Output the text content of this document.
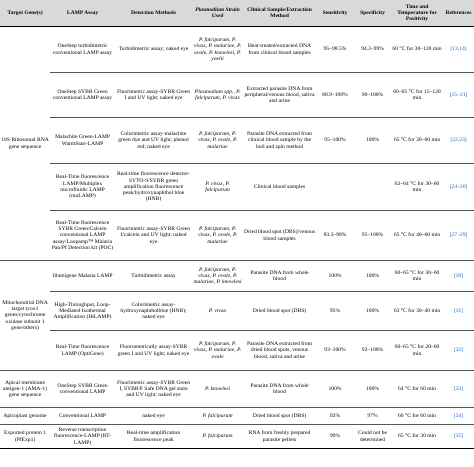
Target Gene(s)	LAMP Assay	Detection Methods	Plasmodium Strain Used	Clinical Sample/Extraction Method	Sensitivity	Specificity	Time and Temperature for Positivity	References
18S Ribosomal RNA gene sequence	OneStep turbidimetric conventional LAMP assay	Turbidimetric assay; naked eye	P. falciparum, P. vivax, P. malariae, P. ovale, P. knowlesi, P. yoelii	Heat-treated/extracted DNA from clinical blood samples	95–98.5%	94.3–99%	60 °C for 30–120 min	[13,14]
	OneStep SYBR Green conventional LAMP assay	Fluorimetric assay-SYBR Green I and UV light; naked eye	Plasmodium spp., P. falciparum, P. vivax	Extracted parasite DNA from peripheral/venous blood, saliva and urine	88.9–100%	90–100%	60–65 °C for 15–120 min	[15–21]
	Malachite Green-LAMP WarmStart-LAMP	Colorimetric assay-malachite green dye and UV light; phenol red; naked eye	P. falciparum, P. vivax, P. ovale, P. malariae	Parasite DNA extracted from clinical blood sample by the boil and spin method	95–100%	100%	65 °C for 30–60 min	[22,23]
	Real-Time fluorescence LAMP/Multiplex microfluidic LAMP (muLAMP)	Real-time fluorescence detector-SYTO-9/SYBR green amplification fluorescence peak/hydroxynaphthol blue (HNB)	P. vivax, P. falciparum	Clinical blood samples			62–64 °C for 30–60 min	[24–26]
	Real-Time fluorescence SYBR Green/Calcein conventional LAMP assay/Loopamp™ Malaria Pan/Pf Detection kit (POC)	Fluorimetric assay-SYBR Green I/calcein and UV light; naked eye	P. falciparum, P. vivax, P. ovale, P. malariae	Dried blood spot (DBS)/venous blood samples	83.3–98%	95–100%	65 °C for 40–60 min	[27–29]
Mitochondrial DNA target (cox1 genes/cytochrome oxidase subunit 1 gene/others)	Illumigene Malaria LAMP	Turbidimetric assay	P. falciparum, P. vivax, P. ovale, P. malariae, P. knowlesi	Parasite DNA from whole blood	100%	100%	60–65 °C for 30–60 min	[30]
	High-Throughput, Loop-Mediated Isothermal Amplification (HtLAMP)	Colorimetric assay-hydroxynaphtholblue (HNB); naked eye	P. vivax	Dried blood spot (DBS)	95%	100%	63 °C for 30–40 min	[31]
	Real-Time fluorescence LAMP (OptiGene)	Fluorometrically assay-SYBR green I and UV light; naked eye	P. falciparum, P. vivax, P. malariae, P. ovale	Parasite DNA extracted from dried blood spots, venous blood, saliva and urine	93–100%	92–100%	60–65 °C for 20–60 min	[32]
Apical membrane antigen-1 (AMA-1) gene sequence	OneStep SYBR Green conventional LAMP	Fluorimetric assay-SYBR Green I, SYBR® Safe DNA gel stain and UV light; naked eye	P. knowlesi	Parasite DNA from whole blood	100%	100%	64 °C for 60 min	[33]
Apicoplast genome	Conventional LAMP	naked eye	P. falciparum	Dried blood spot (DBS)	92%	97%	60 °C for 60 min	[34]
Exported protein 1 (PfExp1)	Reverse transcription fluorescence-LAMP (RT-LAMP)	Real-time amplification fluorescence peak	P. falciparum	RNA from freshly prepared parasite pellets	90%	Could not be determined	65 °C for 30 min	[35]
